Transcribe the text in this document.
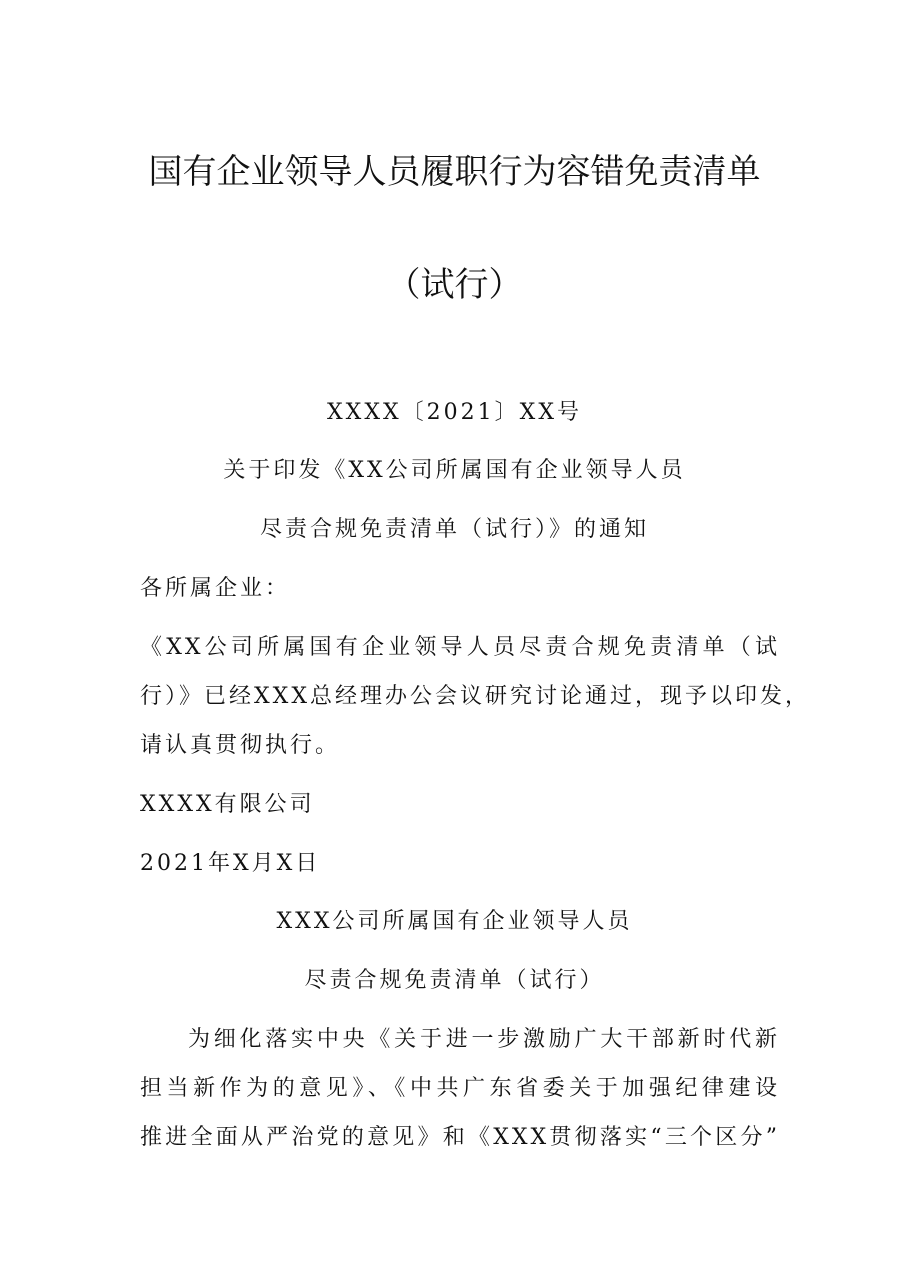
国有企业领导人员履职行为容错免责清单
（试行）
XXXX〔2021〕XX号
关于印发《XX公司所属国有企业领导人员
尽责合规免责清单（试行）》的通知
各所属企业：
《XX公司所属国有企业领导人员尽责合规免责清单（试
行）》已经XXX总经理办公会议研究讨论通过，现予以印发，
请认真贯彻执行。
XXXX有限公司
2021年X月X日
XXX公司所属国有企业领导人员
尽责合规免责清单（试行）
为细化落实中央《关于进一步激励广大干部新时代新
担当新作为的意见》、《中共广东省委关于加强纪律建设
推进全面从严治党的意见》和《XXX贯彻落实“三个区分”
